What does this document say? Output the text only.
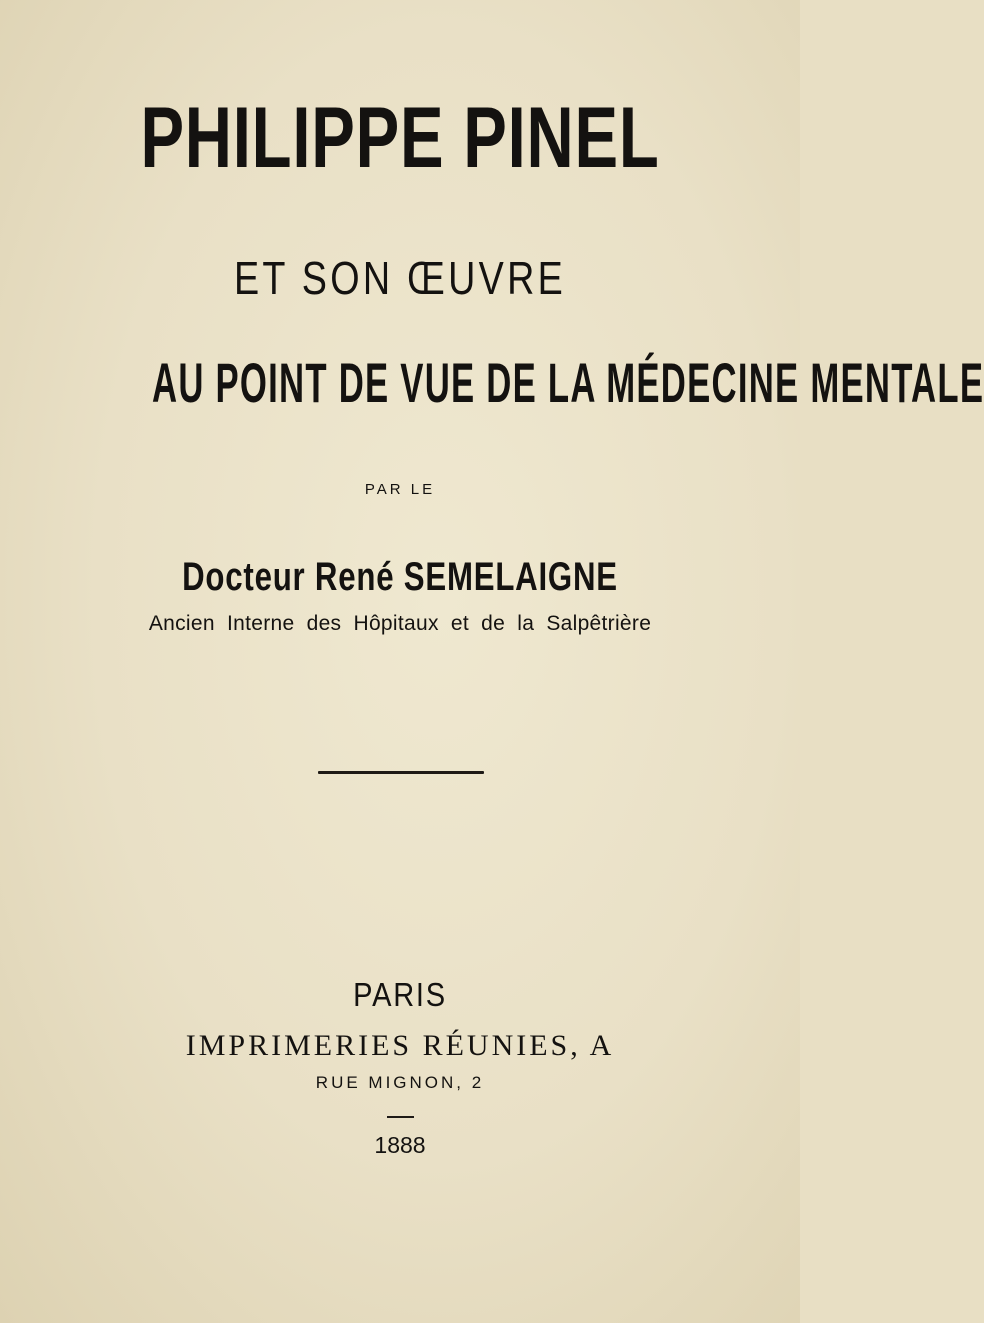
PHILIPPE PINEL
ET SON ŒUVRE
AU POINT DE VUE DE LA MÉDECINE MENTALE
PAR LE
Docteur René SEMELAIGNE
Ancien Interne des Hôpitaux et de la Salpêtrière
PARIS
IMPRIMERIES RÉUNIES, A
RUE MIGNON, 2
1888
